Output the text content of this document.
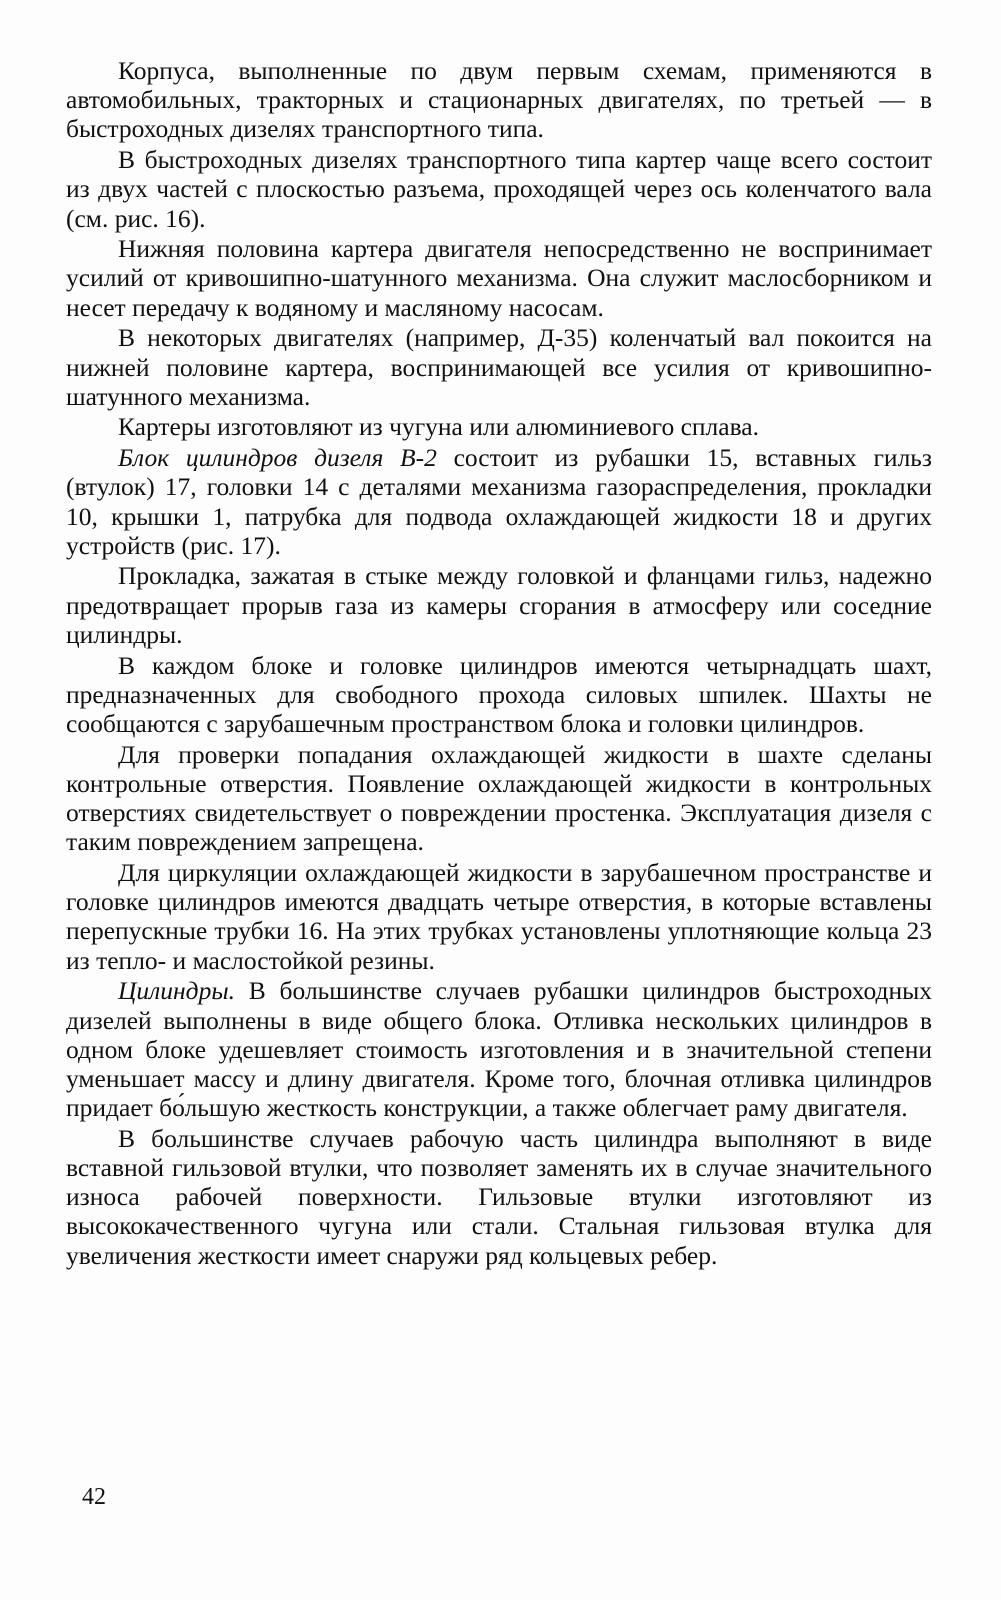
Корпуса, выполненные по двум первым схемам, применяются в автомобильных, тракторных и стационарных двигателях, по третьей — в быстроходных дизелях транспортного типа.

В быстроходных дизелях транспортного типа картер чаще всего состоит из двух частей с плоскостью разъема, проходящей через ось коленчатого вала (см. рис. 16).

Нижняя половина картера двигателя непосредственно не воспринимает усилий от кривошипно-шатунного механизма. Она служит маслосборником и несет передачу к водяному и масляному насосам.

В некоторых двигателях (например, Д-35) коленчатый вал покоится на нижней половине картера, воспринимающей все усилия от кривошипно-шатунного механизма.

Картеры изготовляют из чугуна или алюминиевого сплава.

Блок цилиндров дизеля В-2 состоит из рубашки 15, вставных гильз (втулок) 17, головки 14 с деталями механизма газораспределения, прокладки 10, крышки 1, патрубка для подвода охлаждающей жидкости 18 и других устройств (рис. 17).

Прокладка, зажатая в стыке между головкой и фланцами гильз, надежно предотвращает прорыв газа из камеры сгорания в атмосферу или соседние цилиндры.

В каждом блоке и головке цилиндров имеются четырнадцать шахт, предназначенных для свободного прохода силовых шпилек. Шахты не сообщаются с зарубашечным пространством блока и головки цилиндров.

Для проверки попадания охлаждающей жидкости в шахте сделаны контрольные отверстия. Появление охлаждающей жидкости в контрольных отверстиях свидетельствует о повреждении простенка. Эксплуатация дизеля с таким повреждением запрещена.

Для циркуляции охлаждающей жидкости в зарубашечном пространстве и головке цилиндров имеются двадцать четыре отверстия, в которые вставлены перепускные трубки 16. На этих трубках установлены уплотняющие кольца 23 из тепло- и маслостойкой резины.

Цилиндры. В большинстве случаев рубашки цилиндров быстроходных дизелей выполнены в виде общего блока. Отливка нескольких цилиндров в одном блоке удешевляет стоимость изготовления и в значительной степени уменьшает массу и длину двигателя. Кроме того, блочная отливка цилиндров придает бо́льшую жесткость конструкции, а также облегчает раму двигателя.

В большинстве случаев рабочую часть цилиндра выполняют в виде вставной гильзовой втулки, что позволяет заменять их в случае значительного износа рабочей поверхности. Гильзовые втулки изготовляют из высококачественного чугуна или стали. Стальная гильзовая втулка для увеличения жесткости имеет снаружи ряд кольцевых ребер.

42
